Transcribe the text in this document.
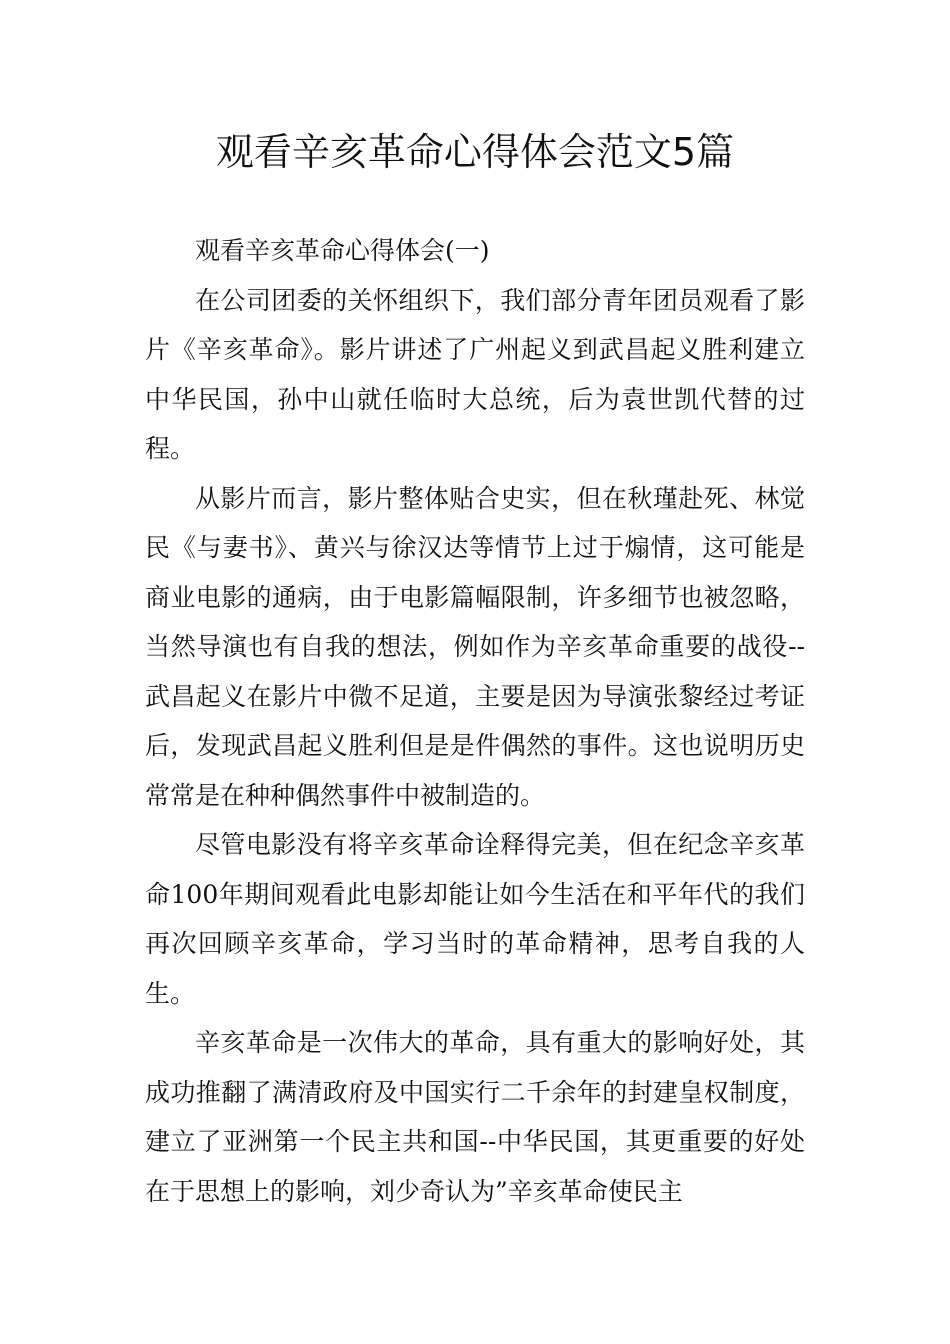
观看辛亥革命心得体会范文5篇

观看辛亥革命心得体会(一)

在公司团委的关怀组织下，我们部分青年团员观看了影片《辛亥革命》。影片讲述了广州起义到武昌起义胜利建立中华民国，孙中山就任临时大总统，后为袁世凯代替的过程。

从影片而言，影片整体贴合史实，但在秋瑾赴死、林觉民《与妻书》、黄兴与徐汉达等情节上过于煽情，这可能是商业电影的通病，由于电影篇幅限制，许多细节也被忽略，当然导演也有自我的想法，例如作为辛亥革命重要的战役--武昌起义在影片中微不足道，主要是因为导演张黎经过考证后，发现武昌起义胜利但是是件偶然的事件。这也说明历史常常是在种种偶然事件中被制造的。

尽管电影没有将辛亥革命诠释得完美，但在纪念辛亥革命100年期间观看此电影却能让如今生活在和平年代的我们再次回顾辛亥革命，学习当时的革命精神，思考自我的人生。

辛亥革命是一次伟大的革命，具有重大的影响好处，其成功推翻了满清政府及中国实行二千余年的封建皇权制度，建立了亚洲第一个民主共和国--中华民国，其更重要的好处在于思想上的影响，刘少奇认为”辛亥革命使民主
